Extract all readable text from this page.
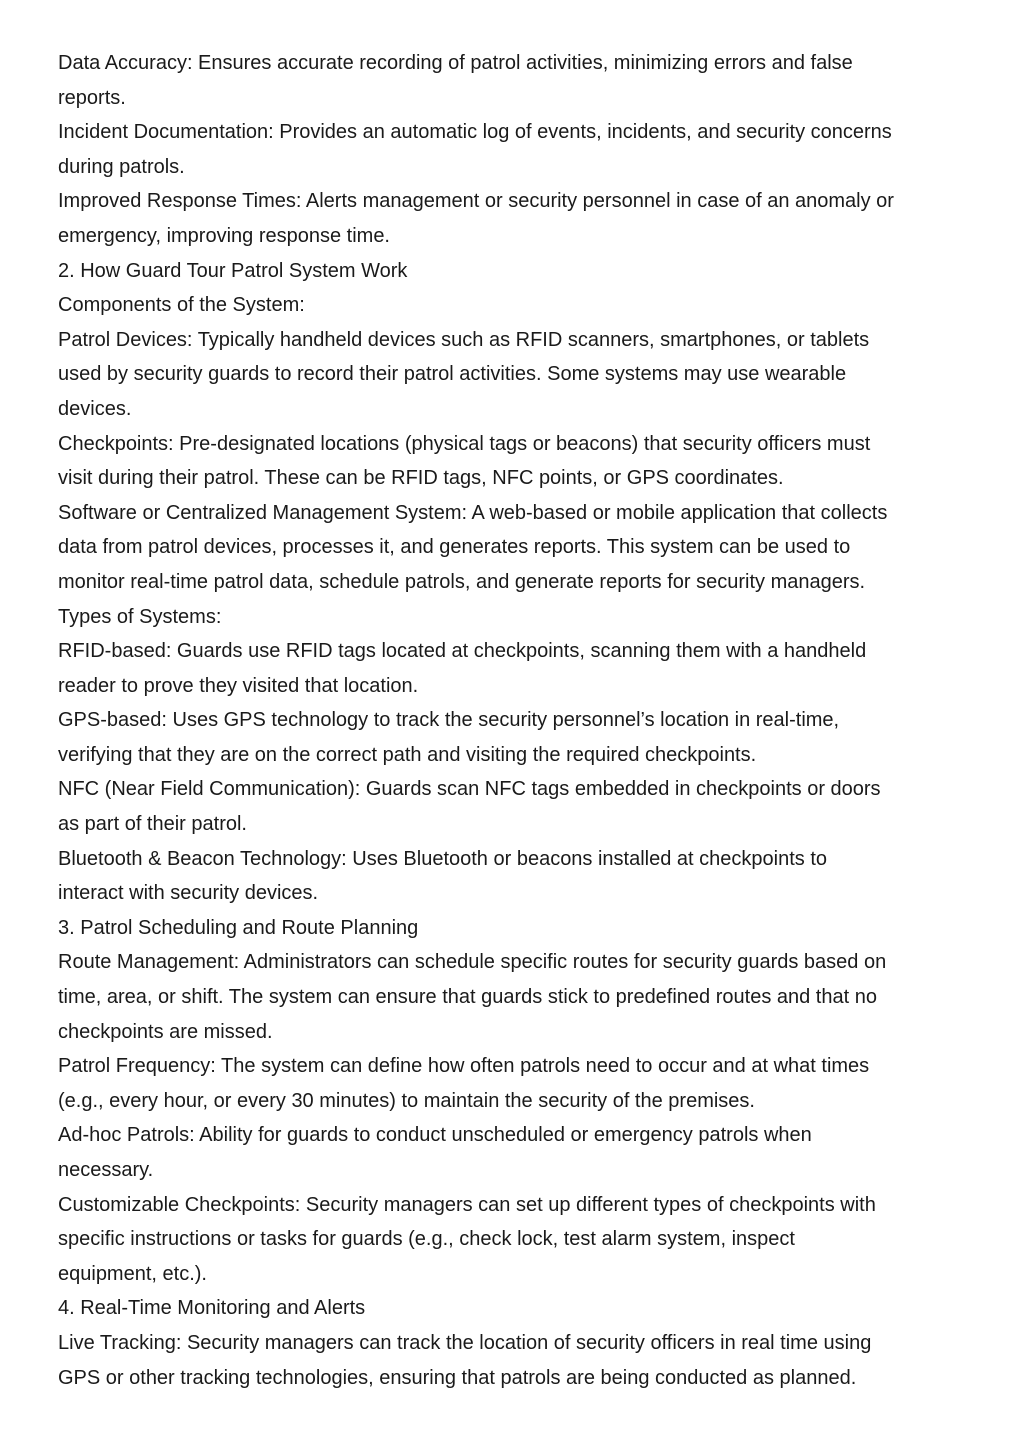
Data Accuracy: Ensures accurate recording of patrol activities, minimizing errors and false
reports.

Incident Documentation: Provides an automatic log of events, incidents, and security concerns
during patrols.

Improved Response Times: Alerts management or security personnel in case of an anomaly or
emergency, improving response time.

2. How Guard Tour Patrol System Work

Components of the System:

Patrol Devices: Typically handheld devices such as RFID scanners, smartphones, or tablets
used by security guards to record their patrol activities. Some systems may use wearable
devices.

Checkpoints: Pre-designated locations (physical tags or beacons) that security officers must
visit during their patrol. These can be RFID tags, NFC points, or GPS coordinates.

Software or Centralized Management System: A web-based or mobile application that collects
data from patrol devices, processes it, and generates reports. This system can be used to
monitor real-time patrol data, schedule patrols, and generate reports for security managers.

Types of Systems:

RFID-based: Guards use RFID tags located at checkpoints, scanning them with a handheld
reader to prove they visited that location.

GPS-based: Uses GPS technology to track the security personnel’s location in real-time,
verifying that they are on the correct path and visiting the required checkpoints.

NFC (Near Field Communication): Guards scan NFC tags embedded in checkpoints or doors
as part of their patrol.

Bluetooth & Beacon Technology: Uses Bluetooth or beacons installed at checkpoints to
interact with security devices.

3. Patrol Scheduling and Route Planning

Route Management: Administrators can schedule specific routes for security guards based on
time, area, or shift. The system can ensure that guards stick to predefined routes and that no
checkpoints are missed.

Patrol Frequency: The system can define how often patrols need to occur and at what times
(e.g., every hour, or every 30 minutes) to maintain the security of the premises.

Ad-hoc Patrols: Ability for guards to conduct unscheduled or emergency patrols when
necessary.

Customizable Checkpoints: Security managers can set up different types of checkpoints with
specific instructions or tasks for guards (e.g., check lock, test alarm system, inspect
equipment, etc.).

4. Real-Time Monitoring and Alerts

Live Tracking: Security managers can track the location of security officers in real time using
GPS or other tracking technologies, ensuring that patrols are being conducted as planned.
